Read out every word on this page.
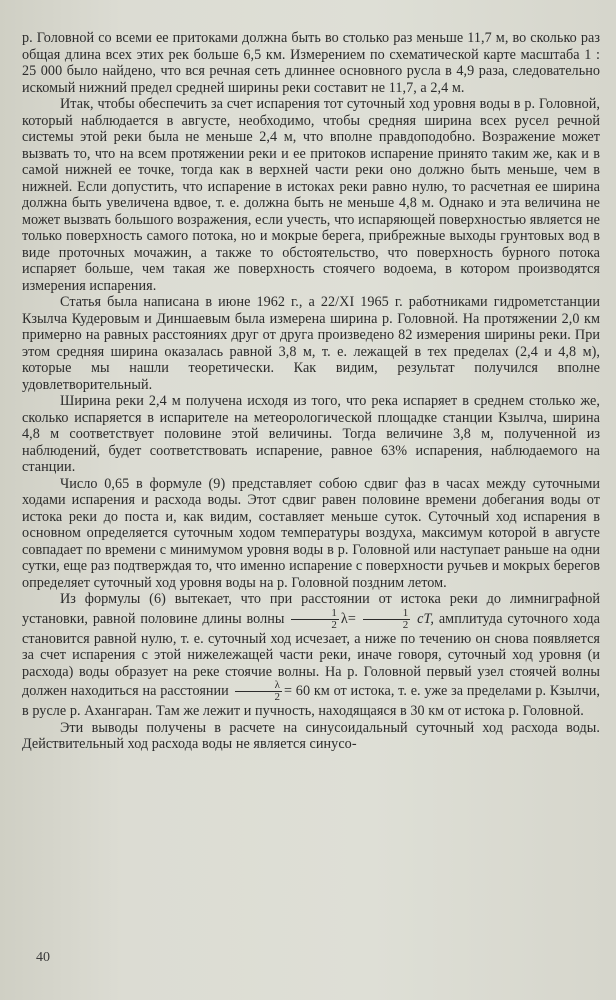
р. Головной со всеми ее притоками должна быть во столько раз меньше 11,7 м, во сколько раз общая длина всех этих рек больше 6,5 км. Измерением по схематической карте масштаба 1 : 25 000 было найдено, что вся речная сеть длиннее основного русла в 4,9 раза, следовательно искомый нижний предел средней ширины реки составит не 11,7, а 2,4 м.

Итак, чтобы обеспечить за счет испарения тот суточный ход уровня воды в р. Головной, который наблюдается в августе, необходимо, чтобы средняя ширина всех русел речной системы этой реки была не меньше 2,4 м, что вполне правдоподобно. Возражение может вызвать то, что на всем протяжении реки и ее притоков испарение принято таким же, как и в самой нижней ее точке, тогда как в верхней части реки оно должно быть меньше, чем в нижней. Если допустить, что испарение в истоках реки равно нулю, то расчетная ее ширина должна быть увеличена вдвое, т. е. должна быть не меньше 4,8 м. Однако и эта величина не может вызвать большого возражения, если учесть, что испаряющей поверхностью является не только поверхность самого потока, но и мокрые берега, прибрежные выходы грунтовых вод в виде проточных мочажин, а также то обстоятельство, что поверхность бурного потока испаряет больше, чем такая же поверхность стоячего водоема, в котором производятся измерения испарения.

Статья была написана в июне 1962 г., а 22/XI 1965 г. работниками гидрометстанции Кзылча Кудеровым и Диншаевым была измерена ширина р. Головной. На протяжении 2,0 км примерно на равных расстояниях друг от друга произведено 82 измерения ширины реки. При этом средняя ширина оказалась равной 3,8 м, т. е. лежащей в тех пределах (2,4 и 4,8 м), которые мы нашли теоретически. Как видим, результат получился вполне удовлетворительный.

Ширина реки 2,4 м получена исходя из того, что река испаряет в среднем столько же, сколько испаряется в испарителе на метеорологической площадке станции Кзылча, ширина 4,8 м соответствует половине этой величины. Тогда величине 3,8 м, полученной из наблюдений, будет соответствовать испарение, равное 63% испарения, наблюдаемого на станции.

Число 0,65 в формуле (9) представляет собою сдвиг фаз в часах между суточными ходами испарения и расхода воды. Этот сдвиг равен половине времени добегания воды от истока реки до поста и, как видим, составляет меньше суток. Суточный ход испарения в основном определяется суточным ходом температуры воздуха, максимум которой в августе совпадает по времени с минимумом уровня воды в р. Головной или наступает раньше на одни сутки, еще раз подтверждая то, что именно испарение с поверхности ручьев и мокрых берегов определяет суточный ход уровня воды на р. Головной поздним летом.

Из формулы (6) вытекает, что при расстоянии от истока реки до лимниграфной установки, равной половине длины волны $\frac{1}{2} \lambda= \frac{1}{2}$ cT, амплитуда суточного хода становится равной нулю, т. е. суточный ход исчезает, а ниже по течению он снова появляется за счет испарения с этой нижележащей части реки, иначе говоря, суточный ход уровня (и расхода) воды образует на реке стоячие волны. На р. Головной первый узел стоячей волны должен находиться на расстоянии $\frac{\lambda}{2} = 60$ км от истока, т. е. уже за пределами р. Кзылчи, в русле р. Ахангаран. Там же лежит и пучность, находящаяся в 30 км от истока р. Головной.

Эти выводы получены в расчете на синусоидальный суточный ход расхода воды. Действительный ход расхода воды не является синусо-

40
